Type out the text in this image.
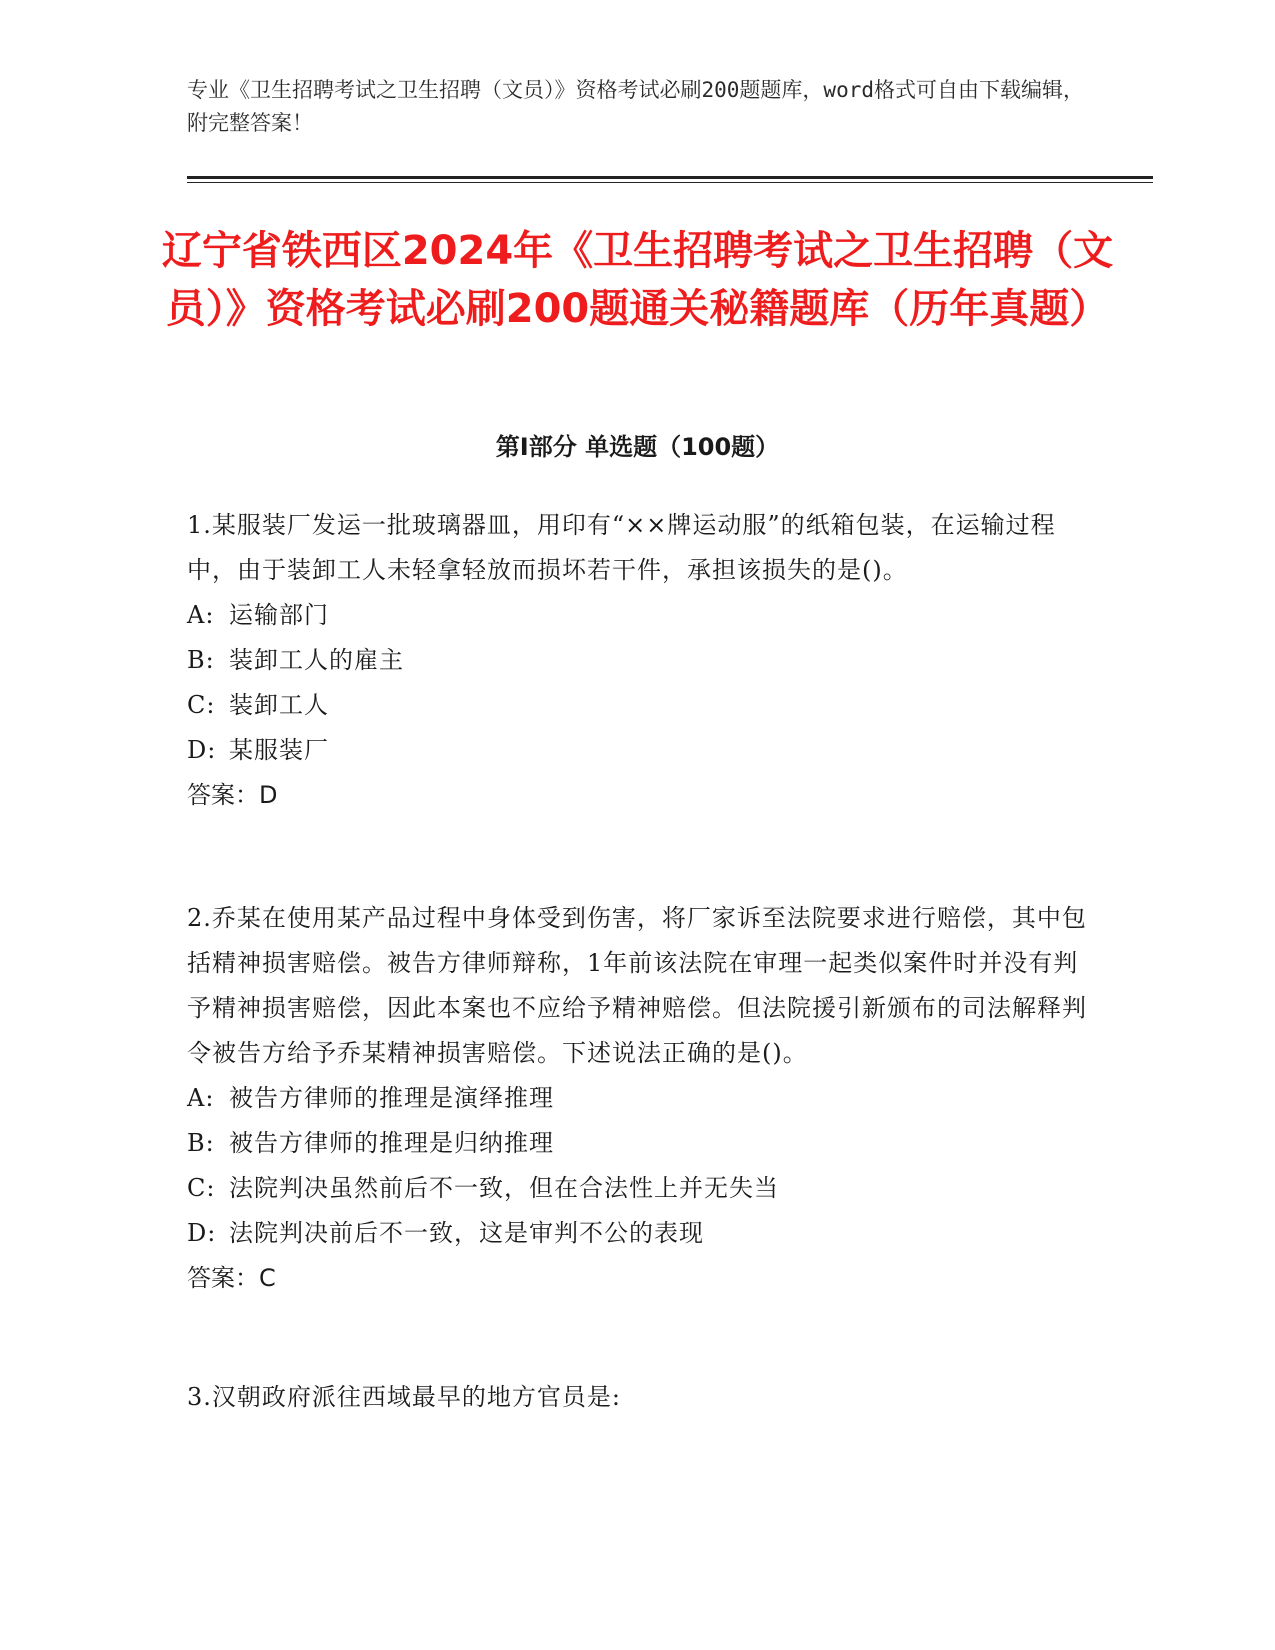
专业《卫生招聘考试之卫生招聘（文员）》资格考试必刷200题题库，word格式可自由下载编辑，附完整答案！
辽宁省铁西区2024年《卫生招聘考试之卫生招聘（文员）》资格考试必刷200题通关秘籍题库（历年真题）
第I部分 单选题（100题）
1.某服装厂发运一批玻璃器皿，用印有“××牌运动服”的纸箱包装，在运输过程中，由于装卸工人未轻拿轻放而损坏若干件，承担该损失的是()。
A: 运输部门
B: 装卸工人的雇主
C: 装卸工人
D: 某服装厂
答案：D
2.乔某在使用某产品过程中身体受到伤害，将厂家诉至法院要求进行赔偿，其中包括精神损害赔偿。被告方律师辩称，1年前该法院在审理一起类似案件时并没有判予精神损害赔偿，因此本案也不应给予精神赔偿。但法院援引新颁布的司法解释判令被告方给予乔某精神损害赔偿。下述说法正确的是()。
A: 被告方律师的推理是演绎推理
B: 被告方律师的推理是归纳推理
C: 法院判决虽然前后不一致，但在合法性上并无失当
D: 法院判决前后不一致，这是审判不公的表现
答案：C
3.汉朝政府派往西域最早的地方官员是:
